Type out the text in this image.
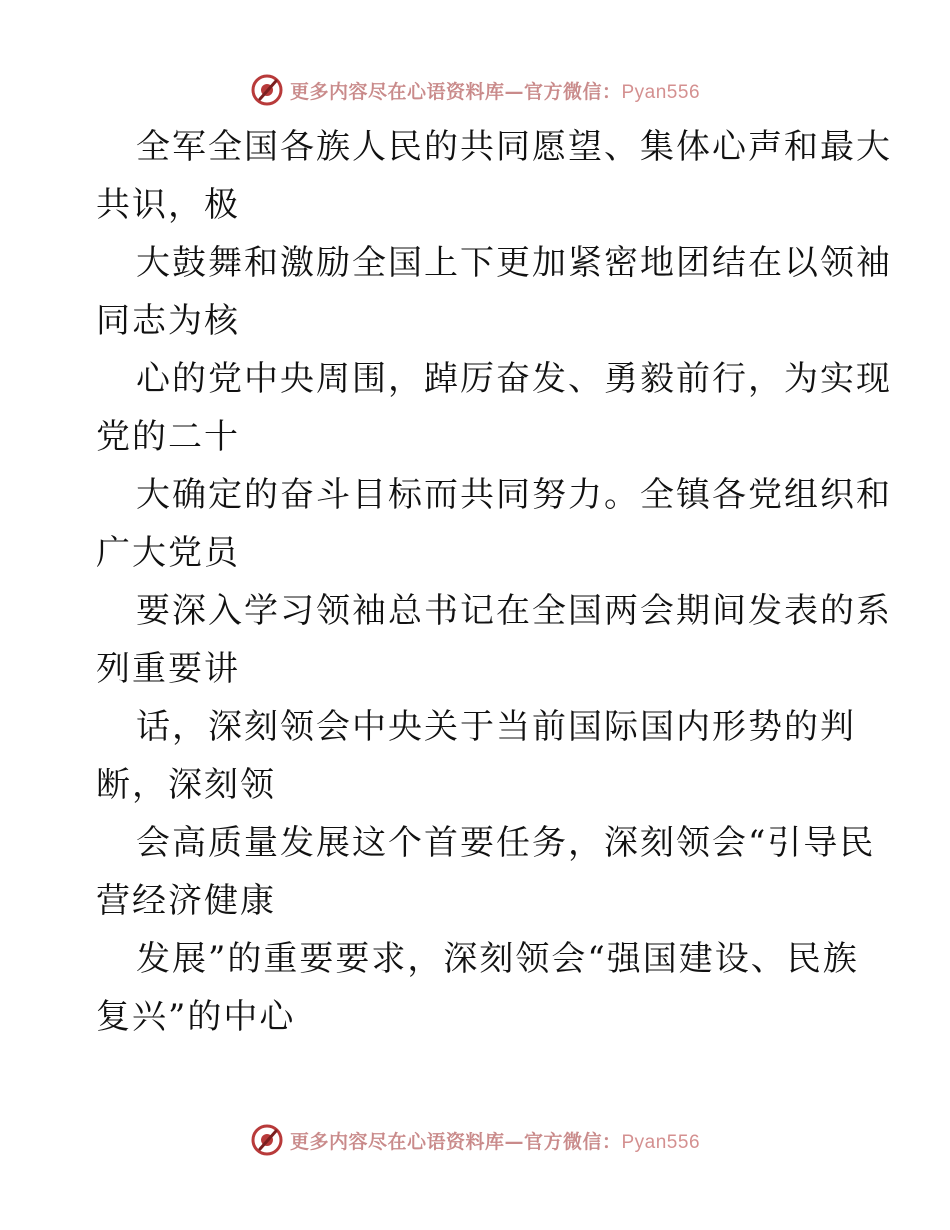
更多内容尽在心语资料库—官方微信：Pyan556

全军全国各族人民的共同愿望、集体心声和最大
共识，极

大鼓舞和激励全国上下更加紧密地团结在以领袖
同志为核

心的党中央周围，踔厉奋发、勇毅前行，为实现
党的二十

大确定的奋斗目标而共同努力。全镇各党组织和
广大党员

要深入学习领袖总书记在全国两会期间发表的系
列重要讲

话，深刻领会中央关于当前国际国内形势的判
断，深刻领

会高质量发展这个首要任务，深刻领会“引导民
营经济健康

发展”的重要要求，深刻领会“强国建设、民族
复兴”的中心

更多内容尽在心语资料库—官方微信：Pyan556
